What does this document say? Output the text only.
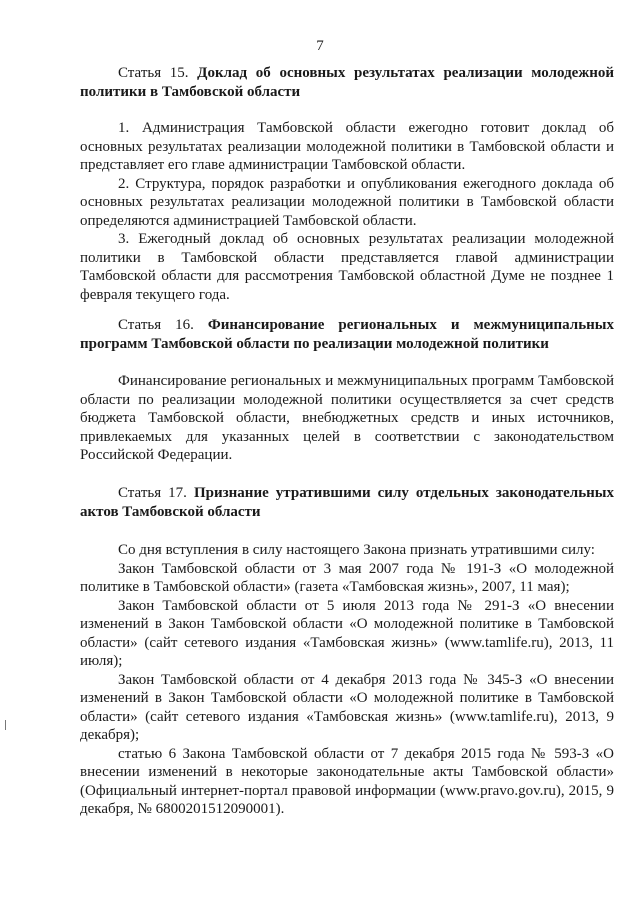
7

Статья 15. Доклад об основных результатах реализации молодежной политики в Тамбовской области

1. Администрация Тамбовской области ежегодно готовит доклад об основных результатах реализации молодежной политики в Тамбовской области и представляет его главе администрации Тамбовской области.

2. Структура, порядок разработки и опубликования ежегодного доклада об основных результатах реализации молодежной политики в Тамбовской области определяются администрацией Тамбовской области.

3. Ежегодный доклад об основных результатах реализации молодежной политики в Тамбовской области представляется главой администрации Тамбовской области для рассмотрения Тамбовской областной Думе не позднее 1 февраля текущего года.

Статья 16. Финансирование региональных и межмуниципальных программ Тамбовской области по реализации молодежной политики

Финансирование региональных и межмуниципальных программ Тамбовской области по реализации молодежной политики осуществляется за счет средств бюджета Тамбовской области, внебюджетных средств и иных источников, привлекаемых для указанных целей в соответствии с законодательством Российской Федерации.

Статья 17. Признание утратившими силу отдельных законодательных актов Тамбовской области

Со дня вступления в силу настоящего Закона признать утратившими силу:

Закон Тамбовской области от 3 мая 2007 года № 191-З «О молодежной политике в Тамбовской области» (газета «Тамбовская жизнь», 2007, 11 мая);

Закон Тамбовской области от 5 июля 2013 года № 291-З «О внесении изменений в Закон Тамбовской области «О молодежной политике в Тамбовской области» (сайт сетевого издания «Тамбовская жизнь» (www.tamlife.ru), 2013, 11 июля);

Закон Тамбовской области от 4 декабря 2013 года № 345-З «О внесении изменений в Закон Тамбовской области «О молодежной политике в Тамбовской области» (сайт сетевого издания «Тамбовская жизнь» (www.tamlife.ru), 2013, 9 декабря);

статью 6 Закона Тамбовской области от 7 декабря 2015 года № 593-З «О внесении изменений в некоторые законодательные акты Тамбовской области» (Официальный интернет-портал правовой информации (www.pravo.gov.ru), 2015, 9 декабря, № 6800201512090001).
